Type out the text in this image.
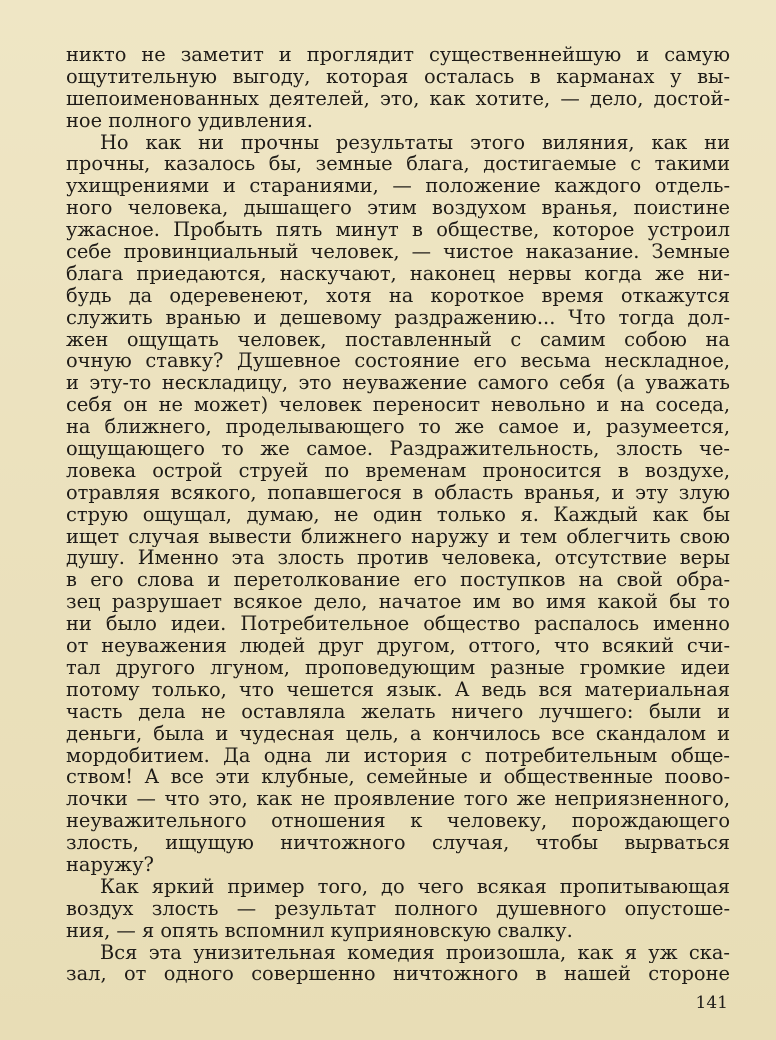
никто не заметит и проглядит существеннейшую и самую
ощутительную выгоду, которая осталась в карманах у вы-
шепоименованных деятелей, это, как хотите, — дело, достой-
ное полного удивления.
Но как ни прочны результаты этого виляния, как ни
прочны, казалось бы, земные блага, достигаемые с такими
ухищрениями и стараниями, — положение каждого отдель-
ного человека, дышащего этим воздухом вранья, поистине
ужасное. Пробыть пять минут в обществе, которое устроил
себе провинциальный человек, — чистое наказание. Земные
блага приедаются, наскучают, наконец нервы когда же ни-
будь да одеревенеют, хотя на короткое время откажутся
служить вранью и дешевому раздражению... Что тогда дол-
жен ощущать человек, поставленный с самим собою на
очную ставку? Душевное состояние его весьма нескладное,
и эту-то нескладицу, это неуважение самого себя (а уважать
себя он не может) человек переносит невольно и на соседа,
на ближнего, проделывающего то же самое и, разумеется,
ощущающего то же самое. Раздражительность, злость че-
ловека острой струей по временам проносится в воздухе,
отравляя всякого, попавшегося в область вранья, и эту злую
струю ощущал, думаю, не один только я. Каждый как бы
ищет случая вывести ближнего наружу и тем облегчить свою
душу. Именно эта злость против человека, отсутствие веры
в его слова и перетолкование его поступков на свой обра-
зец разрушает всякое дело, начатое им во имя какой бы то
ни было идеи. Потребительное общество распалось именно
от неуважения людей друг другом, оттого, что всякий счи-
тал другого лгуном, проповедующим разные громкие идеи
потому только, что чешется язык. А ведь вся материальная
часть дела не оставляла желать ничего лучшего: были и
деньги, была и чудесная цель, а кончилось все скандалом и
мордобитием. Да одна ли история с потребительным обще-
ством! А все эти клубные, семейные и общественные поово-
лочки — что это, как не проявление того же неприязненного,
неуважительного отношения к человеку, порождающего
злость, ищущую ничтожного случая, чтобы вырваться
наружу?
Как яркий пример того, до чего всякая пропитывающая
воздух злость — результат полного душевного опустоше-
ния, — я опять вспомнил куприяновскую свалку.
Вся эта унизительная комедия произошла, как я уж ска-
зал, от одного совершенно ничтожного в нашей стороне
141
